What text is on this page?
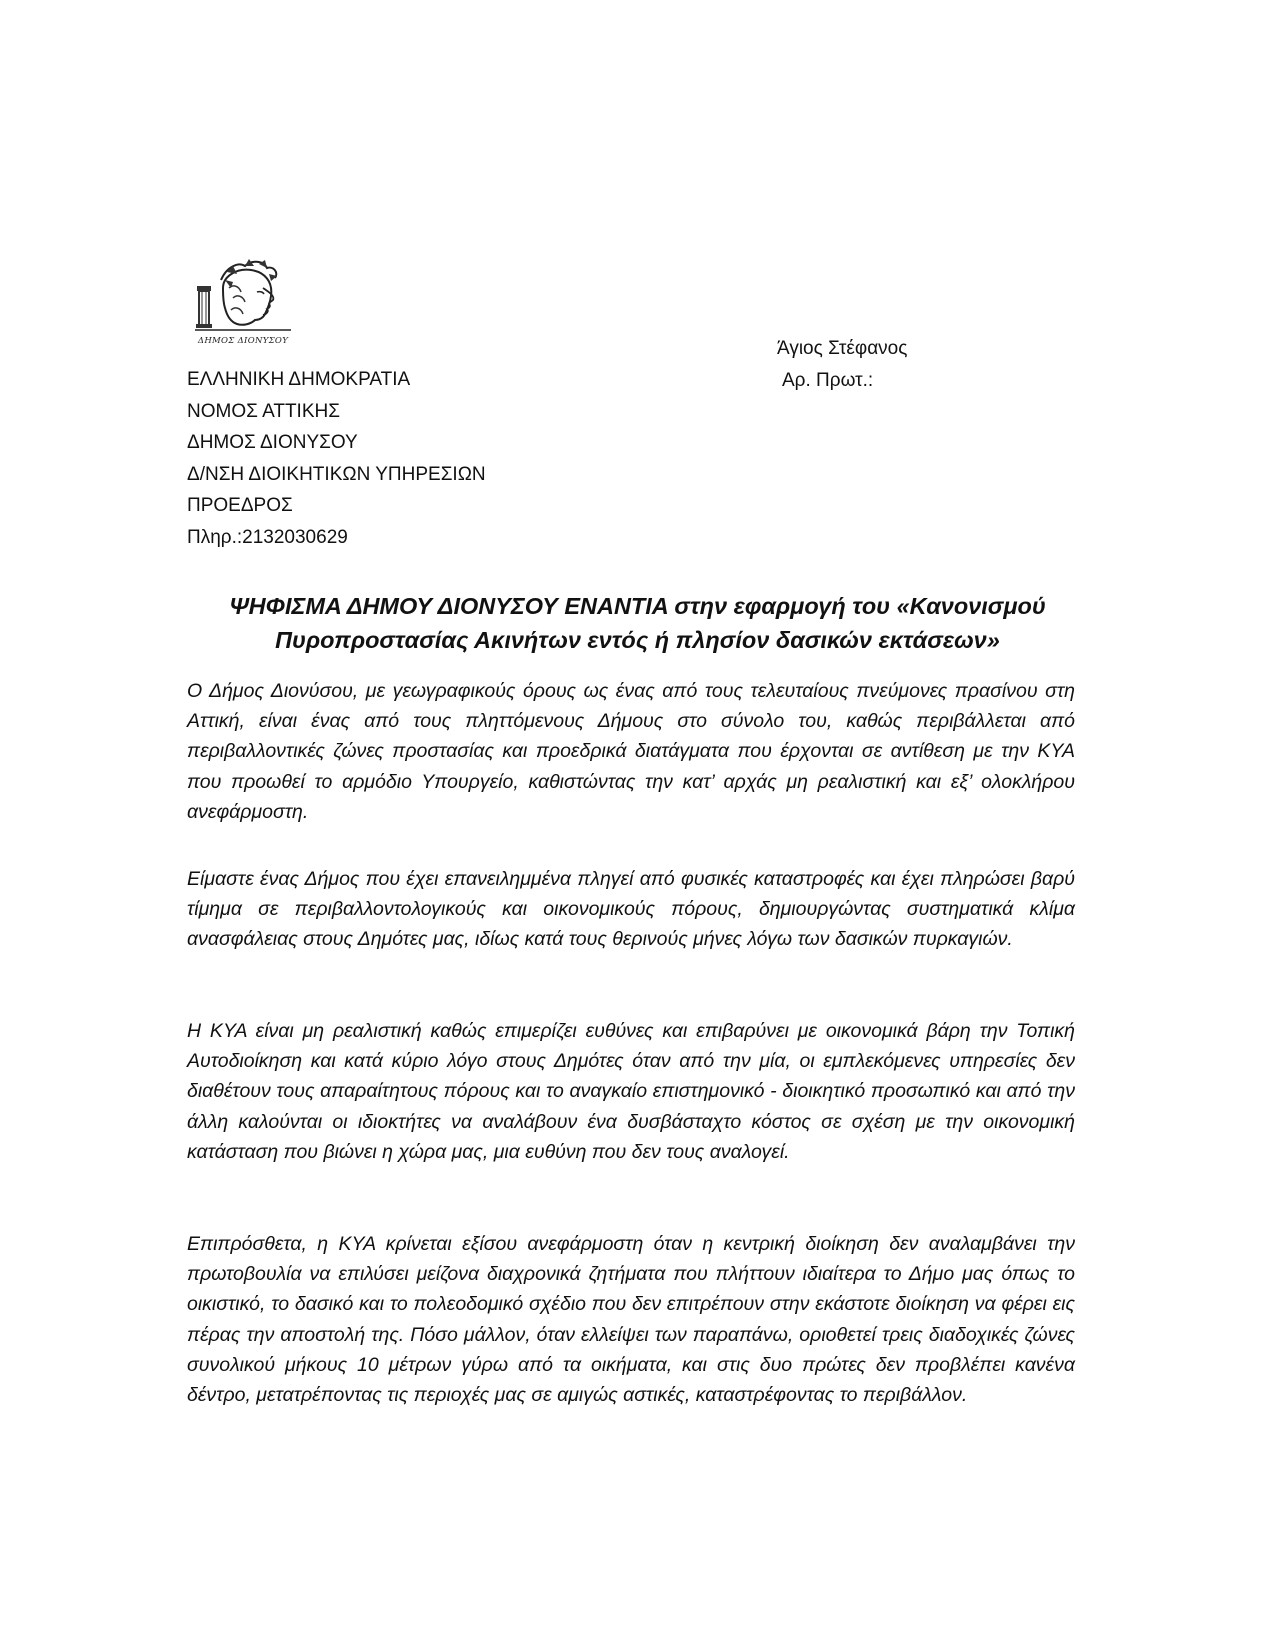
ΔΗΜΟΣ ΔΙΟΝΥΣΟΥ
ΕΛΛΗΝΙΚΗ ΔΗΜΟΚΡΑΤΙΑ
ΝΟΜΟΣ ΑΤΤΙΚΗΣ
ΔΗΜΟΣ ΔΙΟΝΥΣΟΥ
Δ/ΝΣΗ ΔΙΟΙΚΗΤΙΚΩΝ ΥΠΗΡΕΣΙΩΝ
ΠΡΟΕΔΡΟΣ
Πληρ.:2132030629
Άγιος Στέφανος
Αρ. Πρωτ.:
ΨΗΦΙΣΜΑ ΔΗΜΟΥ ΔΙΟΝΥΣΟΥ ΕΝΑΝΤΙΑ στην εφαρμογή του «Κανονισμού Πυροπροστασίας Ακινήτων εντός ή πλησίον δασικών εκτάσεων»
Ο Δήμος Διονύσου, με γεωγραφικούς όρους ως ένας από τους τελευταίους πνεύμονες πρασίνου στη Αττική, είναι ένας από τους πληττόμενους Δήμους στο σύνολο του, καθώς περιβάλλεται από περιβαλλοντικές ζώνες προστασίας και προεδρικά διατάγματα που έρχονται σε αντίθεση με την ΚΥΑ που προωθεί το αρμόδιο Υπουργείο, καθιστώντας την κατ’ αρχάς μη ρεαλιστική και εξ’ ολοκλήρου ανεφάρμοστη.
Είμαστε ένας Δήμος που έχει επανειλημμένα πληγεί από φυσικές καταστροφές και έχει πληρώσει βαρύ τίμημα σε περιβαλλοντολογικούς και οικονομικούς πόρους, δημιουργώντας συστηματικά κλίμα ανασφάλειας στους Δημότες μας, ιδίως κατά τους θερινούς μήνες λόγω των δασικών πυρκαγιών.
Η ΚΥΑ είναι μη ρεαλιστική καθώς επιμερίζει ευθύνες και επιβαρύνει με οικονομικά βάρη την Τοπική Αυτοδιοίκηση και κατά κύριο λόγο στους Δημότες όταν από την μία, οι εμπλεκόμενες υπηρεσίες δεν διαθέτουν τους απαραίτητους πόρους και το αναγκαίο επιστημονικό - διοικητικό προσωπικό και από την άλλη καλούνται οι ιδιοκτήτες να αναλάβουν ένα δυσβάσταχτο κόστος σε σχέση με την οικονομική κατάσταση που βιώνει η χώρα μας, μια ευθύνη που δεν τους αναλογεί.
Επιπρόσθετα, η ΚΥΑ κρίνεται εξίσου ανεφάρμοστη όταν η κεντρική διοίκηση δεν αναλαμβάνει την πρωτοβουλία να επιλύσει μείζονα διαχρονικά ζητήματα που πλήττουν ιδιαίτερα το Δήμο μας όπως το οικιστικό, το δασικό και το πολεοδομικό σχέδιο που δεν επιτρέπουν στην εκάστοτε διοίκηση να φέρει εις πέρας την αποστολή της. Πόσο μάλλον, όταν ελλείψει των παραπάνω, οριοθετεί τρεις διαδοχικές ζώνες συνολικού μήκους 10 μέτρων γύρω από τα οικήματα, και στις δυο πρώτες δεν προβλέπει κανένα δέντρο, μετατρέποντας τις περιοχές μας σε αμιγώς αστικές, καταστρέφοντας το περιβάλλον.
